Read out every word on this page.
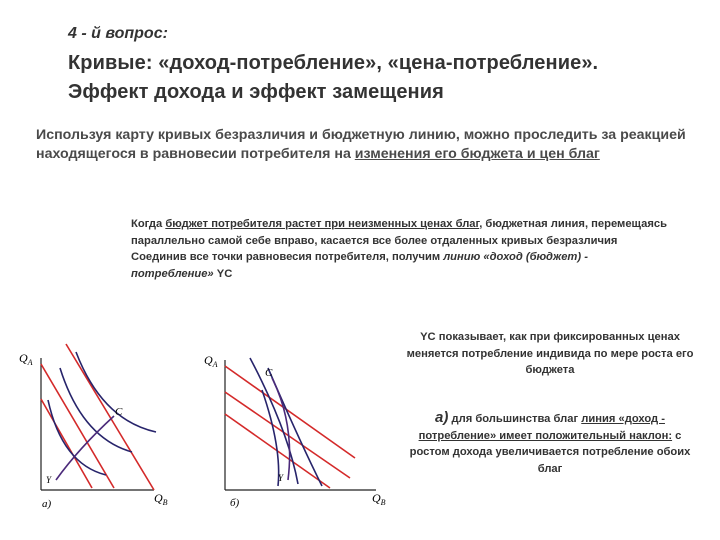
4 - й вопрос:
Кривые: «доход-потребление», «цена-потребление».
Эффект дохода и эффект замещения
Используя карту кривых безразличия и бюджетную линию, можно проследить за реакцией находящегося в равновесии потребителя на изменения его бюджета и цен благ
Когда бюджет потребителя растет при неизменных ценах благ, бюджетная линия, перемещаясь параллельно самой себе вправо, касается все более отдаленных кривых безразличия
Соединив все точки равновесия потребителя, получим линию «доход (бюджет) - потребление» YC
$Q_A$
$Q_B$
C
Y
а)
$Q_A$
$Q_B$
C
Y
б)
YC показывает, как при фиксированных ценах меняется потребление индивида по мере роста его бюджета
а) для большинства благ линия «доход - потребление» имеет положительный наклон: с ростом дохода увеличивается потребление обоих благ
